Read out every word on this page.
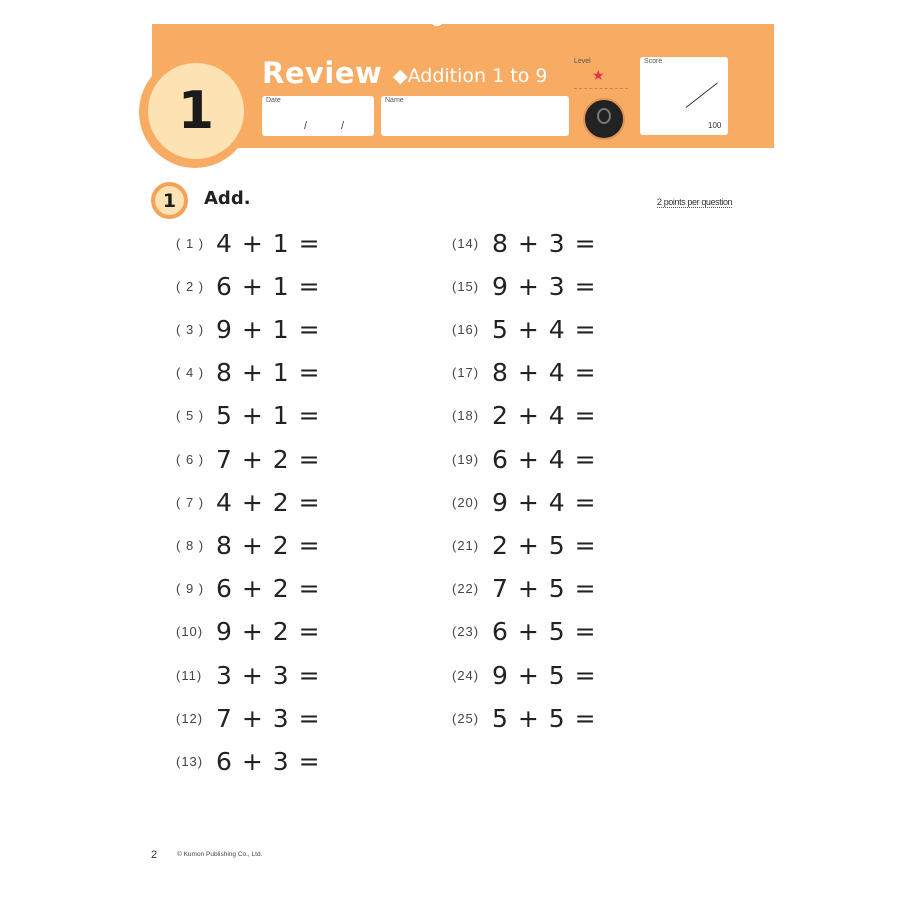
1
Review ◆Addition 1 to 9
Date
/	/
Name
Level
★
Score
100
1	Add.	2 points per question
( 1 ) 4 + 1 =
( 2 ) 6 + 1 =
( 3 ) 9 + 1 =
( 4 ) 8 + 1 =
( 5 ) 5 + 1 =
( 6 ) 7 + 2 =
( 7 ) 4 + 2 =
( 8 ) 8 + 2 =
( 9 ) 6 + 2 =
(10) 9 + 2 =
(11) 3 + 3 =
(12) 7 + 3 =
(13) 6 + 3 =
(14) 8 + 3 =
(15) 9 + 3 =
(16) 5 + 4 =
(17) 8 + 4 =
(18) 2 + 4 =
(19) 6 + 4 =
(20) 9 + 4 =
(21) 2 + 5 =
(22) 7 + 5 =
(23) 6 + 5 =
(24) 9 + 5 =
(25) 5 + 5 =
2	© Kumon Publishing Co., Ltd.
